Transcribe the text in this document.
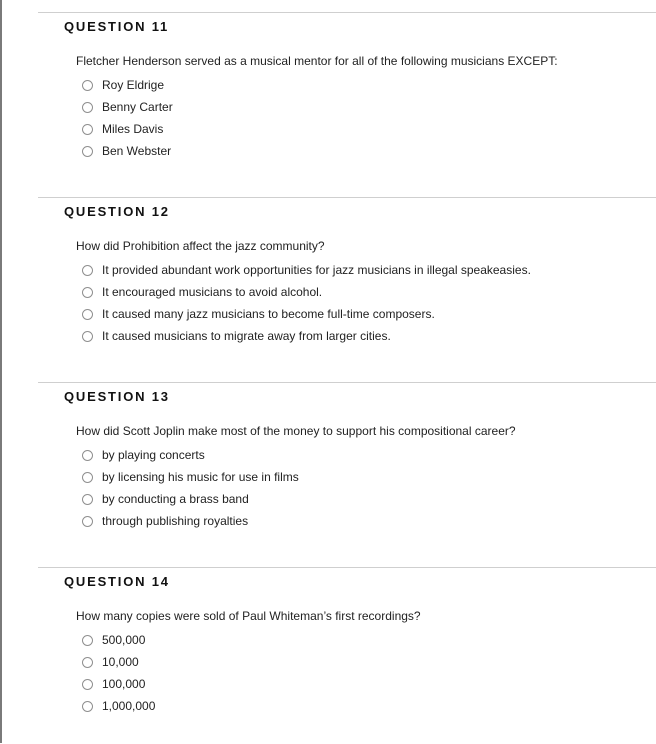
QUESTION 11
Fletcher Henderson served as a musical mentor for all of the following musicians EXCEPT:
Roy Eldrige
Benny Carter
Miles Davis
Ben Webster
QUESTION 12
How did Prohibition affect the jazz community?
It provided abundant work opportunities for jazz musicians in illegal speakeasies.
It encouraged musicians to avoid alcohol.
It caused many jazz musicians to become full-time composers.
It caused musicians to migrate away from larger cities.
QUESTION 13
How did Scott Joplin make most of the money to support his compositional career?
by playing concerts
by licensing his music for use in films
by conducting a brass band
through publishing royalties
QUESTION 14
How many copies were sold of Paul Whiteman’s first recordings?
500,000
10,000
100,000
1,000,000
